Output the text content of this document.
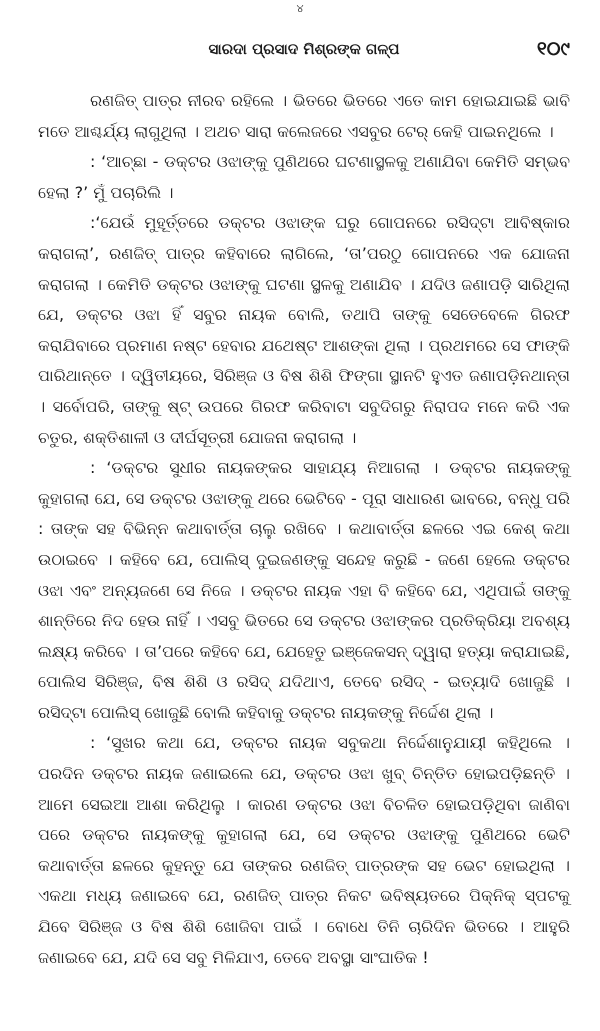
୪
ସାରଦା ପ୍ରସାଦ ମିଶ୍ରଙ୍କ ଗଳ୍ପ	୧୦୯

ରଣଜିତ୍ ପାତ୍ର ନୀରବ ରହିଲେ । ଭିତରେ ଭିତରେ ଏତେ କାମ ହୋଇଯାଇଛି ଭାବି ମତେ ଆଶ୍ଚର୍ଯ୍ୟ ଲାଗୁଥିଲା । ଅଥଚ ସାରା କଲେଜରେ ଏସବୁର ଟେର୍ କେହି ପାଇନଥିଲେ ।

: ‘ଆଚ୍ଛା - ଡକ୍ଟର ଓଝାଙ୍କୁ ପୁଣିଥରେ ଘଟଣାସ୍ଥଳକୁ ଅଣାଯିବା କେମିତି ସମ୍ଭବ ହେଲା ?’ ମୁଁ ପଚାରିଲି ।

:‘ଯେଉଁ ମୁହୂର୍ତ୍ତରେ ଡକ୍ଟର ଓଝାଙ୍କ ଘରୁ ଗୋପନରେ ରସିଦ୍‌ଟା ଆବିଷ୍କାର କରାଗଲା’, ରଣଜିତ୍ ପାତ୍ର କହିବାରେ ଲାଗିଲେ, ‘ତା’ପରଠୁ ଗୋପନରେ ଏକ ଯୋଜନା କରାଗଲା । କେମିତି ଡକ୍ଟର ଓଝାଙ୍କୁ ଘଟଣା ସ୍ଥଳକୁ ଅଣାଯିବ । ଯଦିଓ ଜଣାପଡ଼ି ସାରିଥିଲା ଯେ, ଡକ୍ଟର ଓଝା ହିଁ ସବୁର ନାୟକ ବୋଲି, ତଥାପି ତାଙ୍କୁ ସେତେବେଳେ ଗିରଫ କରାଯିବାରେ ପ୍ରମାଣ ନଷ୍ଟ ହେବାର ଯଥେଷ୍ଟ ଆଶଙ୍କା ଥିଲା । ପ୍ରଥମରେ ସେ ଫାଙ୍କି ପାରିଥାନ୍ତେ । ଦ୍ୱିତୀୟରେ, ସିରିଞ୍ଜ ଓ ବିଷ ଶିଶି ଫିଙ୍ଗା ସ୍ଥାନଟି ହୁଏତ ଜଣାପଡ଼ିନଥାନ୍ତା । ସର୍ବୋପରି, ତାଙ୍କୁ ଷ୍ଟ୍ ଉପରେ ଗିରଫ କରିବାଟା ସବୁଦିଗରୁ ନିରାପଦ ମନେ କରି ଏକ ଚତୁର, ଶକ୍ତିଶାଳୀ ଓ ଦୀର୍ଘସୂତ୍ରୀ ଯୋଜନା କରାଗଲା ।

: ‘ଡକ୍ଟର ସୁଧୀର ନାୟକଙ୍କର ସାହାଯ୍ୟ ନିଆଗଲା । ଡକ୍ଟର ନାୟକଙ୍କୁ କୁହାଗଲା ଯେ, ସେ ଡକ୍ଟର ଓଝାଙ୍କୁ ଥରେ ଭେଟିବେ - ପୂରା ସାଧାରଣ ଭାବରେ, ବନ୍ଧୁ ପରି : ତାଙ୍କ ସହ ବିଭିନ୍ନ କଥାବାର୍ତ୍ତା ଚାଲୁ ରଖିବେ । କଥାବାର୍ତ୍ତା ଛଳରେ ଏଇ କେଶ୍ କଥା ଉଠାଇବେ । କହିବେ ଯେ, ପୋଲିସ୍ ଦୁଇଜଣଙ୍କୁ ସନ୍ଦେହ କରୁଛି - ଜଣେ ହେଲେ ଡକ୍ଟର ଓଝା ଏବଂ ଅନ୍ୟଜଣେ ସେ ନିଜେ । ଡକ୍ଟର ନାୟକ ଏହା ବି କହିବେ ଯେ, ଏଥିପାଇଁ ତାଙ୍କୁ ଶାନ୍ତିରେ ନିଦ ହେଉ ନାହିଁ । ଏସବୁ ଭିତରେ ସେ ଡକ୍ଟର ଓଝାଙ୍କର ପ୍ରତିକ୍ରିୟା ଅବଶ୍ୟ ଲକ୍ଷ୍ୟ କରିବେ । ତା’ପରେ କହିବେ ଯେ, ଯେହେତୁ ଇଞ୍ଜେକସନ୍ ଦ୍ୱାରା ହତ୍ୟା କରାଯାଇଛି, ପୋଲିସ ସିରିଞ୍ଜ, ବିଷ ଶିଶି ଓ ରସିଦ୍ ଯଦିଥାଏ, ତେବେ ରସିଦ୍ - ଇତ୍ୟାଦି ଖୋଜୁଛି । ରସିଦ୍‌ଟା ପୋଲିସ୍ ଖୋଜୁଛି ବୋଲି କହିବାକୁ ଡକ୍ଟର ନାୟକଙ୍କୁ ନିର୍ଦ୍ଦେଶ ଥିଲା ।

: ‘ସୁଖର କଥା ଯେ, ଡକ୍ଟର ନାୟକ ସବୁକଥା ନିର୍ଦ୍ଦେଶାନୁଯାୟୀ କହିଥିଲେ । ପରଦିନ ଡକ୍ଟର ନାୟକ ଜଣାଇଲେ ଯେ, ଡକ୍ଟର ଓଝା ଖୁବ୍ ଚିନ୍ତିତ ହୋଇପଡ଼ିଛନ୍ତି । ଆମେ ସେଇଆ ଆଶା କରିଥିଲୁ । କାରଣ ଡକ୍ଟର ଓଝା ବିଚଳିତ ହୋଇପଡ଼ିଥିବା ଜାଣିବା ପରେ ଡକ୍ଟର ନାୟକଙ୍କୁ କୁହାଗଲା ଯେ, ସେ ଡକ୍ଟର ଓଝାଙ୍କୁ ପୁଣିଥରେ ଭେଟି କଥାବାର୍ତ୍ତା ଛଳରେ କୁହନ୍ତୁ ଯେ ତାଙ୍କର ରଣଜିତ୍ ପାତ୍ରଙ୍କ ସହ ଭେଟ ହୋଇଥିଲା । ଏକଥା ମଧ୍ୟ ଜଣାଇବେ ଯେ, ରଣଜିତ୍ ପାତ୍ର ନିକଟ ଭବିଷ୍ୟତରେ ପିକ୍‌ନିକ୍ ସ୍ପଟକୁ ଯିବେ ସିରିଞ୍ଜ ଓ ବିଷ ଶିଶି ଖୋଜିବା ପାଇଁ । ବୋଧେ ତିନି ଚାରିଦିନ ଭିତରେ । ଆହୁରି ଜଣାଇବେ ଯେ, ଯଦି ସେ ସବୁ ମିଳିଯାଏ, ତେବେ ଅବସ୍ଥା ସାଂଘାତିକ !
